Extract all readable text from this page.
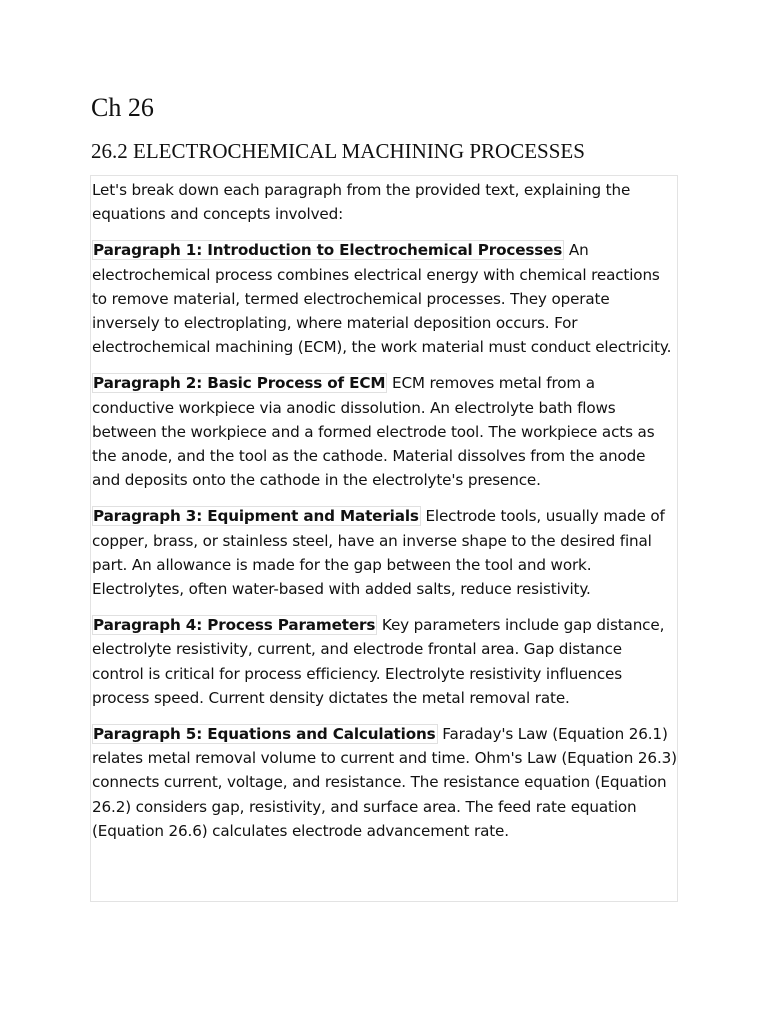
Ch 26
26.2 ELECTROCHEMICAL MACHINING PROCESSES

Let's break down each paragraph from the provided text, explaining the equations and concepts involved:

Paragraph 1: Introduction to Electrochemical Processes An electrochemical process combines electrical energy with chemical reactions to remove material, termed electrochemical processes. They operate inversely to electroplating, where material deposition occurs. For electrochemical machining (ECM), the work material must conduct electricity.

Paragraph 2: Basic Process of ECM ECM removes metal from a conductive workpiece via anodic dissolution. An electrolyte bath flows between the workpiece and a formed electrode tool. The workpiece acts as the anode, and the tool as the cathode. Material dissolves from the anode and deposits onto the cathode in the electrolyte's presence.

Paragraph 3: Equipment and Materials Electrode tools, usually made of copper, brass, or stainless steel, have an inverse shape to the desired final part. An allowance is made for the gap between the tool and work. Electrolytes, often water-based with added salts, reduce resistivity.

Paragraph 4: Process Parameters Key parameters include gap distance, electrolyte resistivity, current, and electrode frontal area. Gap distance control is critical for process efficiency. Electrolyte resistivity influences process speed. Current density dictates the metal removal rate.

Paragraph 5: Equations and Calculations Faraday's Law (Equation 26.1) relates metal removal volume to current and time. Ohm's Law (Equation 26.3) connects current, voltage, and resistance. The resistance equation (Equation 26.2) considers gap, resistivity, and surface area. The feed rate equation (Equation 26.6) calculates electrode advancement rate.
